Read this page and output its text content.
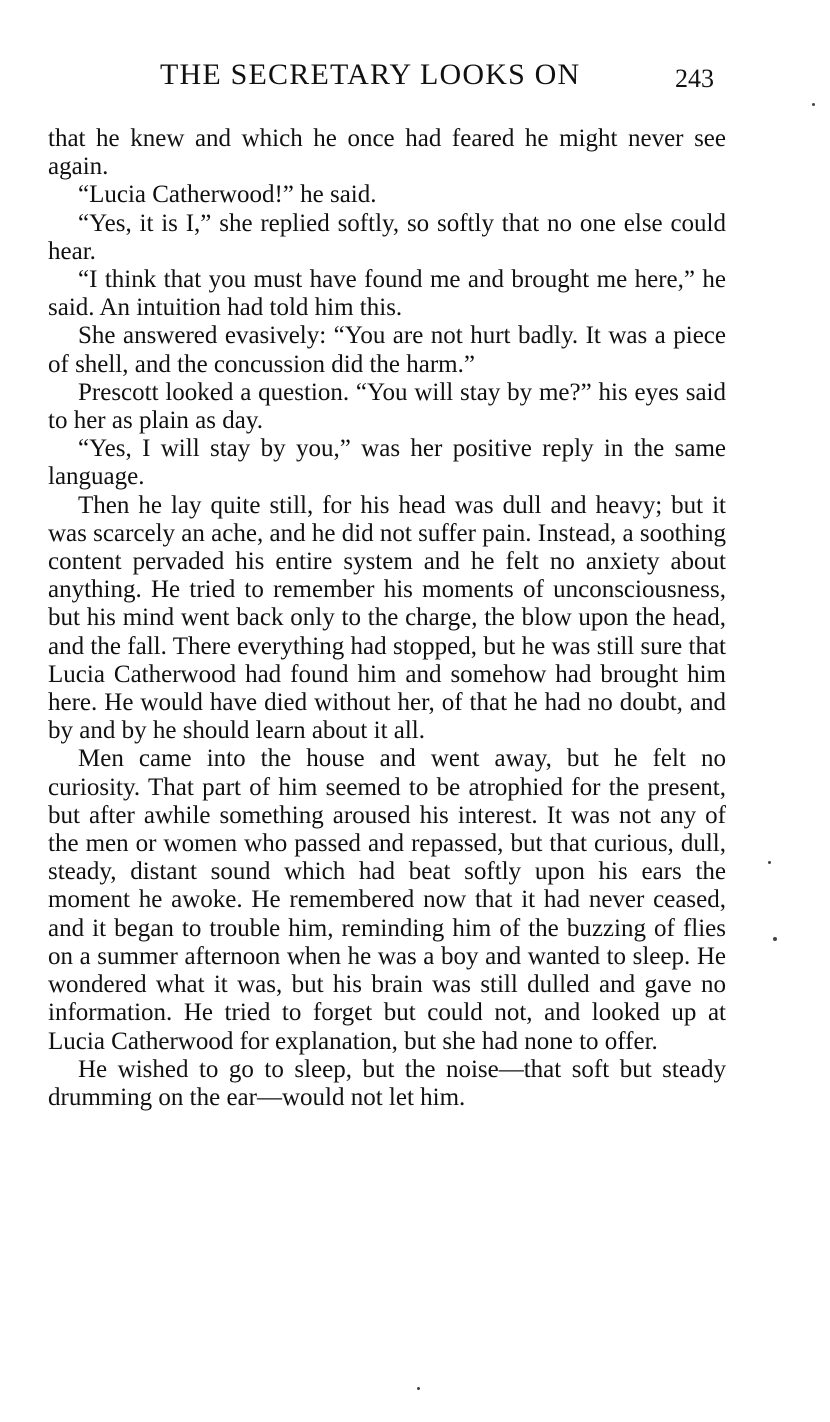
THE SECRETARY LOOKS ON	243

that he knew and which he once had feared he might never see again.

“Lucia Catherwood!” he said.

“Yes, it is I,” she replied softly, so softly that no one else could hear.

“I think that you must have found me and brought me here,” he said. An intuition had told him this.

She answered evasively: “You are not hurt badly. It was a piece of shell, and the concussion did the harm.”

Prescott looked a question. “You will stay by me?” his eyes said to her as plain as day.

“Yes, I will stay by you,” was her positive reply in the same language.

Then he lay quite still, for his head was dull and heavy; but it was scarcely an ache, and he did not suffer pain. Instead, a soothing content pervaded his entire system and he felt no anxiety about anything. He tried to remember his moments of unconsciousness, but his mind went back only to the charge, the blow upon the head, and the fall. There everything had stopped, but he was still sure that Lucia Catherwood had found him and somehow had brought him here. He would have died without her, of that he had no doubt, and by and by he should learn about it all.

Men came into the house and went away, but he felt no curiosity. That part of him seemed to be atrophied for the present, but after awhile something aroused his interest. It was not any of the men or women who passed and repassed, but that curious, dull, steady, distant sound which had beat softly upon his ears the moment he awoke. He remembered now that it had never ceased, and it began to trouble him, reminding him of the buzzing of flies on a summer afternoon when he was a boy and wanted to sleep. He wondered what it was, but his brain was still dulled and gave no information. He tried to forget but could not, and looked up at Lucia Catherwood for explanation, but she had none to offer.

He wished to go to sleep, but the noise—that soft but steady drumming on the ear—would not let him.
